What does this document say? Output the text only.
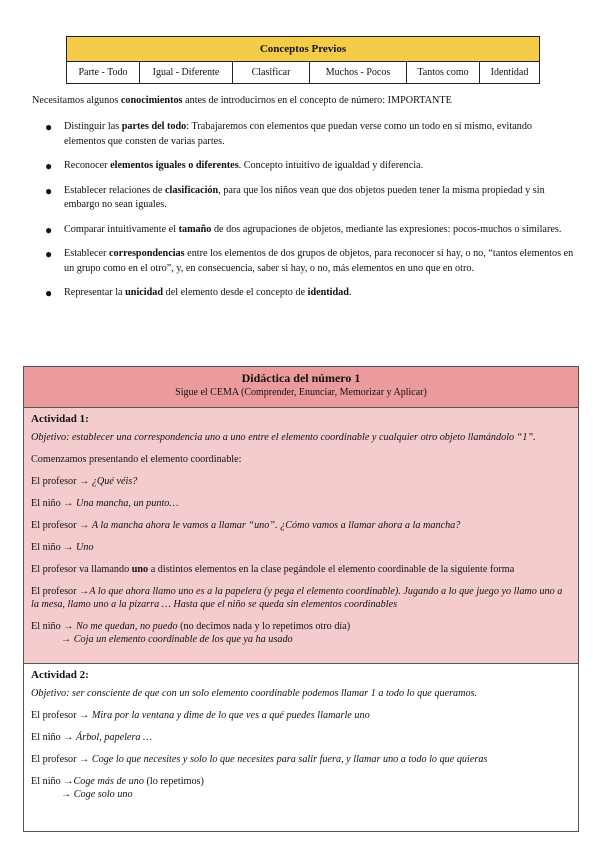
Conceptos Previos
Parte - Todo	Igual - Diferente	Clasificar	Muchos - Pocos	Tantos como	Identidad
Necesitamos algunos conocimientos antes de introducirnos en el concepto de número: IMPORTANTE
● Distinguir las partes del todo: Trabajaremos con elementos que puedan verse como un todo en sí mismo, evitando elementos que consten de varias partes.
● Reconocer elementos iguales o diferentes. Concepto intuitivo de igualdad y diferencia.
● Establecer relaciones de clasificación, para que los niños vean que dos objetos pueden tener la misma propiedad y sin embargo no sean iguales.
● Comparar intuitivamente el tamaño de dos agrupaciones de objetos, mediante las expresiones: pocos-muchos o similares.
● Establecer correspondencias entre los elementos de dos grupos de objetos, para reconocer si hay, o no, “tantos elementos en un grupo como en el otro”, y, en consecuencia, saber si hay, o no, más elementos en uno que en otro.
● Representar la unicidad del elemento desde el concepto de identidad.
Didáctica del número 1
Sigue el CEMA (Comprender, Enunciar, Memorizar y Aplicar)
Actividad 1:
Objetivo: establecer una correspondencia uno a uno entre el elemento coordinable y cualquier otro objeto llamándolo “1”.
Comenzamos presentando el elemento coordinable:
El profesor → ¿Qué véis?
El niño → Una mancha, un punto…
El profesor → A la mancha ahora le vamos a llamar “uno”. ¿Cómo vamos a llamar ahora a la mancha?
El niño → Uno
El profesor va llamando uno a distintos elementos en la clase pegándole el elemento coordinable de la siguiente forma
El profesor →A lo que ahora llamo uno es a la papelera (y pega el elemento coordinable). Jugando a lo que juego yo llamo uno a la mesa, llamo uno a la pizarra … Hasta que el niño se queda sin elementos coordinables
El niño → No me quedan, no puedo (no decimos nada y lo repetimos otro día)
→ Coja un elemento coordinable de los que ya ha usado
Actividad 2:
Objetivo: ser consciente de que con un solo elemento coordinable podemos llamar 1 a todo lo que queramos.
El profesor → Mira por la ventana y dime de lo que ves a qué puedes llamarle uno
El niño → Árbol, papelera …
El profesor → Coge lo que necesites y solo lo que necesites para salir fuera, y llamar uno a todo lo que quieras
El niño →Coge más de uno (lo repetimos)
→ Coge solo uno
